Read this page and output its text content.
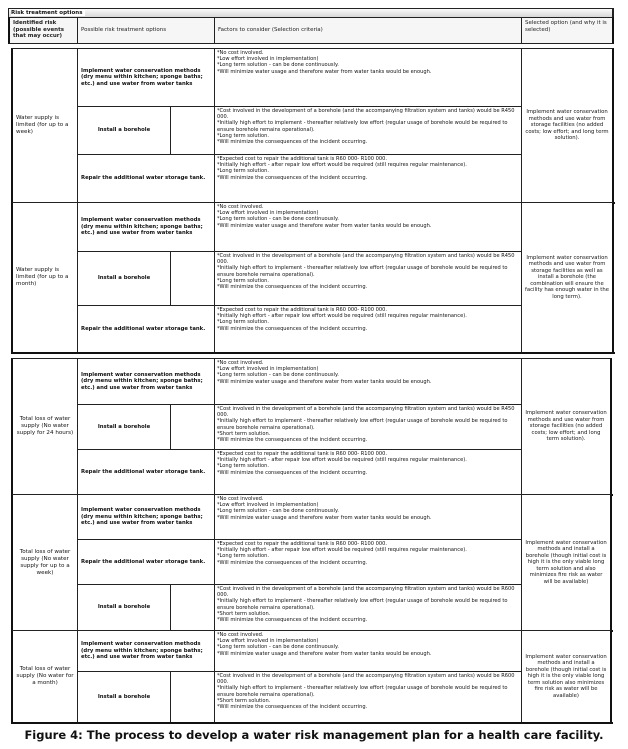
Risk treatment options
Identified risk (possible events that may occur)
Possible risk treatment options	Factors to consider (Selection criteria)
Selected option (and why it is selected)
Water supply is limited (for up to a week)
Implement water conservation methods (dry menu within kitchen; sponge baths; etc.) and use water from water tanks
*No cost involved.
*Low effort involved in implementation)
*Long term solution - can be done continuously.
*Will minimize water usage and therefore water from water tanks would be enough.
Install a borehole
*Cost involved in the development of a borehole (and the accompanying filtration system and tanks) would be R450 000.
*Initially high effort to implement - thereafter relatively low effort (regular usage of borehole would be required to ensure borehole remains operational).
*Long term solution.
*Will minimize the consequences of the incident occurring.
Repair the additional water storage tank.
*Expected cost to repair the additional tank is R60 000- R100 000.
*Initially high effort - after repair low effort would be required (still requires regular maintenance).
*Long term solution.
*Will minimize the consequences of the incident occurring.
Implement water conservation methods and use water from storage facilities (no added costs; low effort; and long term solution).
Water supply is limited (for up to a month)
Implement water conservation methods (dry menu within kitchen; sponge baths; etc.) and use water from water tanks
*No cost involved.
*Low effort involved in implementation)
*Long term solution - can be done continuously.
*Will minimize water usage and therefore water from water tanks would be enough.
Install a borehole
*Cost involved in the development of a borehole (and the accompanying filtration system and tanks) would be R450 000.
*Initially high effort to implement - thereafter relatively low effort (regular usage of borehole would be required to ensure borehole remains operational).
*Long term solution.
*Will minimize the consequences of the incident occurring.
Repair the additional water storage tank.
*Expected cost to repair the additional tank is R60 000- R100 000.
*Initially high effort - after repair low effort would be required (still requires regular maintenance).
*Long term solution.
*Will minimize the consequences of the incident occurring.
Implement water conservation methods and use water from storage facilities as well as install a borehole (the combination will ensure the facility has enough water in the long term).
Total loss of water supply (No water supply for 24 hours)
Implement water conservation methods (dry menu within kitchen; sponge baths; etc.) and use water from water tanks
*No cost involved.
*Low effort involved in implementation)
*Long term solution - can be done continuously.
*Will minimize water usage and therefore water from water tanks would be enough.
Install a borehole
*Cost involved in the development of a borehole (and the accompanying filtration system and tanks) would be R450 000.
*Initially high effort to implement - thereafter relatively low effort (regular usage of borehole would be required to ensure borehole remains operational).
*Short term solution.
*Will minimize the consequences of the incident occurring.
Repair the additional water storage tank.
*Expected cost to repair the additional tank is R60 000- R100 000.
*Initially high effort - after repair low effort would be required (still requires regular maintenance).
*Long term solution.
*Will minimize the consequences of the incident occurring.
Implement water conservation methods and use water from storage facilities (no added costs; low effort; and long term solution).
Total loss of water supply (No water supply for up to a week)
Implement water conservation methods (dry menu within kitchen; sponge baths; etc.) and use water from water tanks
*No cost involved.
*Low effort involved in implementation)
*Long term solution - can be done continuously.
*Will minimize water usage and therefore water from water tanks would be enough.
Repair the additional water storage tank.
*Expected cost to repair the additional tank is R60 000- R100 000.
*Initially high effort - after repair low effort would be required (still requires regular maintenance).
*Long term solution.
*Will minimize the consequences of the incident occurring.
Install a borehole
*Cost involved in the development of a borehole (and the accompanying filtration system and tanks) would be R600 000.
*Initially high effort to implement - thereafter relatively low effort (regular usage of borehole would be required to ensure borehole remains operational).
*Short term solution.
*Will minimize the consequences of the incident occurring.
Implement water conservation methods and install a borehole (though initial cost is high it is the only viable long term solution and also minimizes fire risk as water will be available)
Total loss of water supply (No water for a month)
Implement water conservation methods (dry menu within kitchen; sponge baths; etc.) and use water from water tanks
*No cost involved.
*Low effort involved in implementation)
*Long term solution - can be done continuously.
*Will minimize water usage and therefore water from water tanks would be enough.
Install a borehole
*Cost involved in the development of a borehole (and the accompanying filtration system and tanks) would be R600 000.
*Initially high effort to implement - thereafter relatively low effort (regular usage of borehole would be required to ensure borehole remains operational).
*Short term solution.
*Will minimize the consequences of the incident occurring.
Implement water conservation methods and install a borehole (though initial cost is high it is the only viable long term solution also minimizes fire risk as water will be available)
Figure 4: The process to develop a water risk management plan for a health care facility.
